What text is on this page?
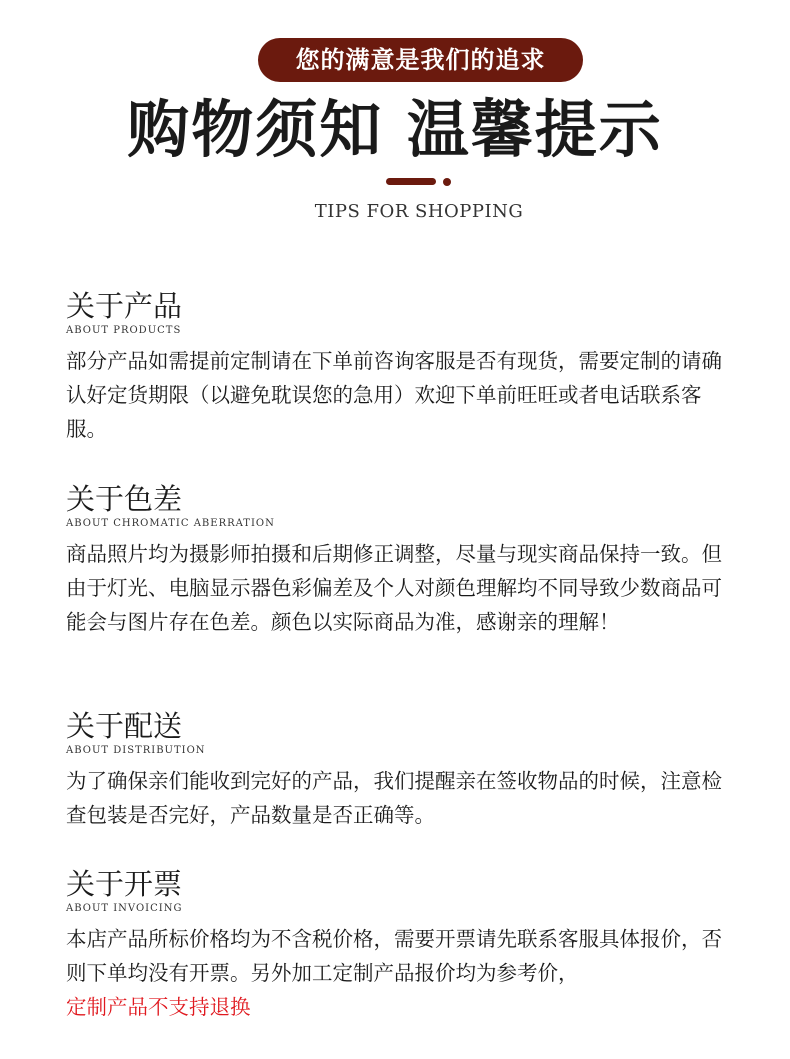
您的满意是我们的追求
购物须知 温馨提示
TIPS FOR SHOPPING
关于产品
ABOUT PRODUCTS
部分产品如需提前定制请在下单前咨询客服是否有现货，需要定制的请确认好定货期限（以避免耽误您的急用）欢迎下单前旺旺或者电话联系客服。
关于色差
ABOUT CHROMATIC ABERRATION
商品照片均为摄影师拍摄和后期修正调整，尽量与现实商品保持一致。但由于灯光、电脑显示器色彩偏差及个人对颜色理解均不同导致少数商品可能会与图片存在色差。颜色以实际商品为准，感谢亲的理解！
关于配送
ABOUT DISTRIBUTION
为了确保亲们能收到完好的产品，我们提醒亲在签收物品的时候，注意检查包装是否完好，产品数量是否正确等。
关于开票
ABOUT INVOICING
本店产品所标价格均为不含税价格，需要开票请先联系客服具体报价，否则下单均没有开票。另外加工定制产品报价均为参考价，
定制产品不支持退换
